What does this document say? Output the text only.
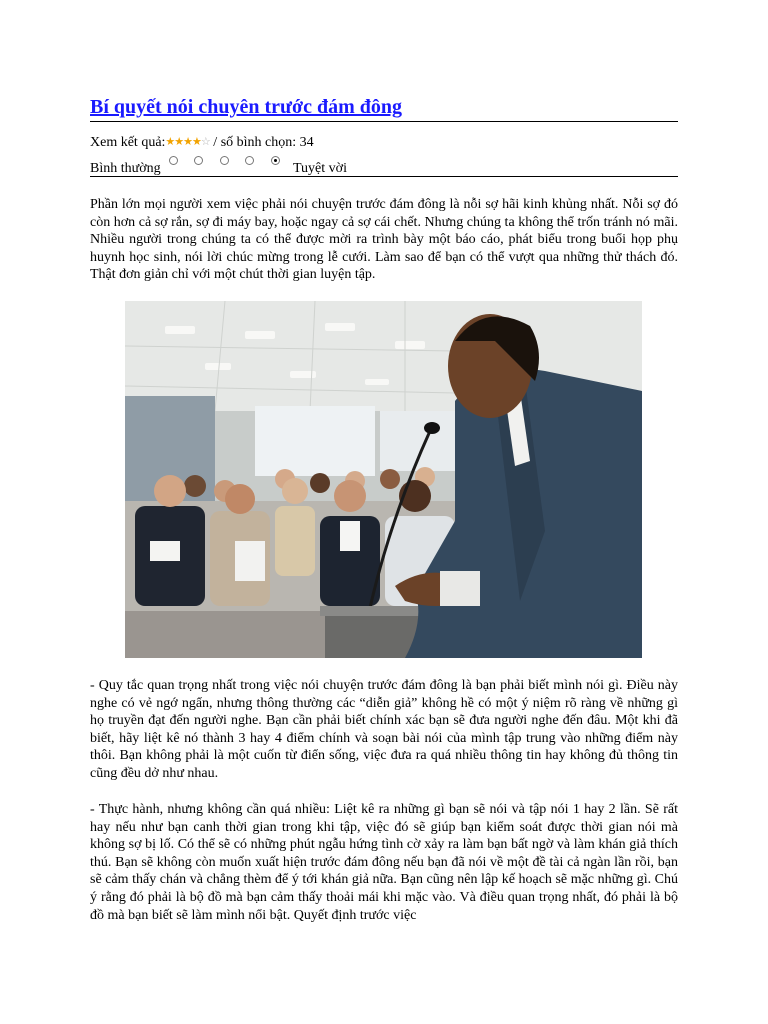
Bí quyết nói chuyên trước đám đông
Xem kết quả:★★★★☆ / số bình chọn: 34
Bình thường	Tuyệt vời

Phần lớn mọi người xem việc phải nói chuyện trước đám đông là nỗi sợ hãi kinh khủng nhất. Nỗi sợ đó còn hơn cả sợ rắn, sợ đi máy bay, hoặc ngay cả sợ cái chết. Nhưng chúng ta không thể trốn tránh nó mãi. Nhiều người trong chúng ta có thể được mời ra trình bày một báo cáo, phát biểu trong buổi họp phụ huynh học sinh, nói lời chúc mừng trong lễ cưới. Làm sao để bạn có thể vượt qua những thử thách đó. Thật đơn giản chỉ với một chút thời gian luyện tập.

- Quy tắc quan trọng nhất trong việc nói chuyện trước đám đông là bạn phải biết mình nói gì. Điều này nghe có vẻ ngớ ngẩn, nhưng thông thường các “diễn giả” không hề có một ý niệm rõ ràng về những gì họ truyền đạt đến người nghe. Bạn cần phải biết chính xác bạn sẽ đưa người nghe đến đâu. Một khi đã biết, hãy liệt kê nó thành 3 hay 4 điểm chính và soạn bài nói của mình tập trung vào những điểm này thôi. Bạn không phải là một cuốn từ điển sống, việc đưa ra quá nhiều thông tin hay không đủ thông tin cũng đều dở như nhau.

- Thực hành, nhưng không cần quá nhiều: Liệt kê ra những gì bạn sẽ nói và tập nói 1 hay 2 lần. Sẽ rất hay nếu như bạn canh thời gian trong khi tập, việc đó sẽ giúp bạn kiểm soát được thời gian nói mà không sợ bị lố. Có thể sẽ có những phút ngẫu hứng tình cờ xảy ra làm bạn bất ngờ và làm khán giả thích thú. Bạn sẽ không còn muốn xuất hiện trước đám đông nếu bạn đã nói về một đề tài cả ngàn lần rồi, bạn sẽ cảm thấy chán và chẳng thèm để ý tới khán giả nữa. Bạn cũng nên lập kế hoạch sẽ mặc những gì. Chú ý rằng đó phải là bộ đồ mà bạn cảm thấy thoải mái khi mặc vào. Và điều quan trọng nhất, đó phải là bộ đồ mà bạn biết sẽ làm mình nổi bật. Quyết định trước việc
